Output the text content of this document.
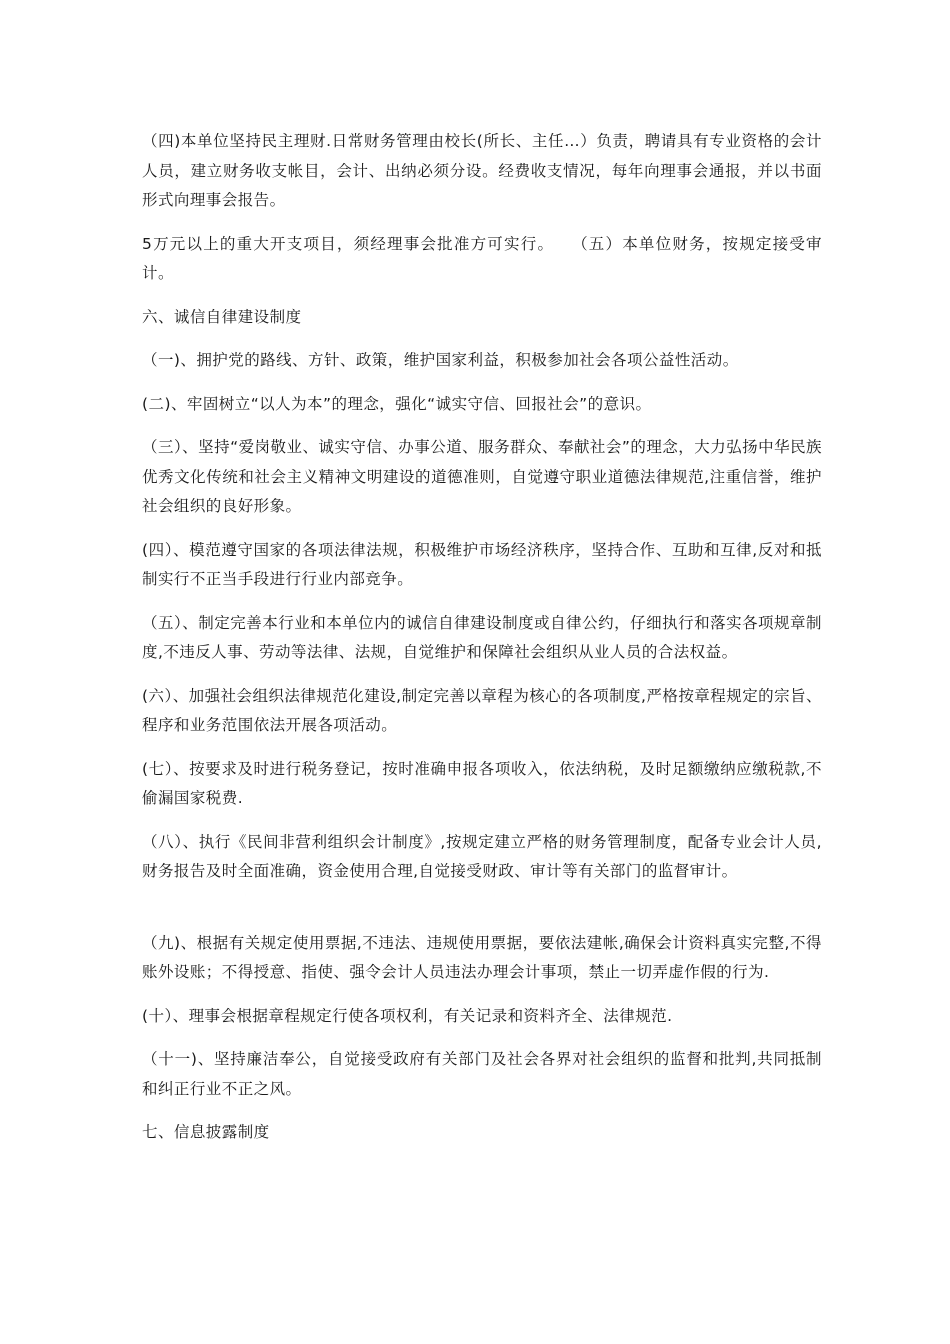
（四)本单位坚持民主理财.日常财务管理由校长(所长、主任…）负责，聘请具有专业资格的会计人员，建立财务收支帐目，会计、出纳必须分设。经费收支情况，每年向理事会通报，并以书面形式向理事会报告。

5万元以上的重大开支项目，须经理事会批准方可实行。　　（五）本单位财务，按规定接受审计。

六、诚信自律建设制度

（一)、拥护党的路线、方针、政策，维护国家利益，积极参加社会各项公益性活动。

(二)、牢固树立“以人为本”的理念，强化“诚实守信、回报社会”的意识。

（三）、坚持“爱岗敬业、诚实守信、办事公道、服务群众、奉献社会”的理念，大力弘扬中华民族优秀文化传统和社会主义精神文明建设的道德准则，自觉遵守职业道德法律规范,注重信誉，维护社会组织的良好形象。

(四）、模范遵守国家的各项法律法规，积极维护市场经济秩序，坚持合作、互助和互律,反对和抵制实行不正当手段进行行业内部竞争。

（五）、制定完善本行业和本单位内的诚信自律建设制度或自律公约，仔细执行和落实各项规章制度,不违反人事、劳动等法律、法规，自觉维护和保障社会组织从业人员的合法权益。

(六）、加强社会组织法律规范化建设,制定完善以章程为核心的各项制度,严格按章程规定的宗旨、程序和业务范围依法开展各项活动。

(七）、按要求及时进行税务登记，按时准确申报各项收入，依法纳税，及时足额缴纳应缴税款,不偷漏国家税费.

（八）、执行《民间非营利组织会计制度》,按规定建立严格的财务管理制度，配备专业会计人员,财务报告及时全面准确，资金使用合理,自觉接受财政、审计等有关部门的监督审计。

（九)、根据有关规定使用票据,不违法、违规使用票据，要依法建帐,确保会计资料真实完整,不得账外设账；不得授意、指使、强令会计人员违法办理会计事项，禁止一切弄虚作假的行为.

(十）、理事会根据章程规定行使各项权利，有关记录和资料齐全、法律规范.

（十一)、坚持廉洁奉公，自觉接受政府有关部门及社会各界对社会组织的监督和批判,共同抵制和纠正行业不正之风。

七、信息披露制度
